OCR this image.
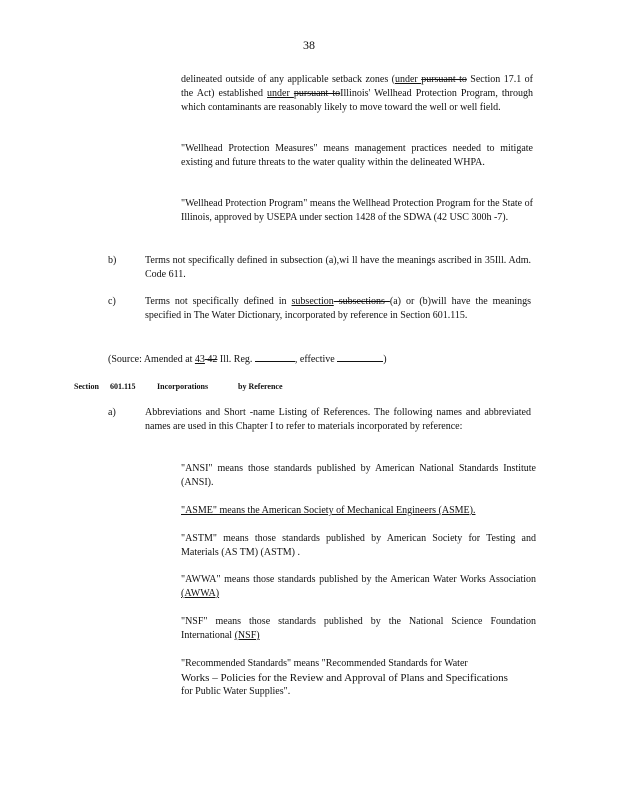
38
delineated outside of any applicable setback zones (under pursuant to Section 17.1 of the Act) established under pursuant toIllinois' Wellhead Protection Program, through which contaminants are reasonably likely to move toward the well or well field.
"Wellhead Protection Measures" means management practices needed to mitigate existing and future threats to the water quality within the delineated WHPA.
"Wellhead Protection Program" means the Wellhead Protection Program for the State of Illinois, approved by USEPA under section 1428 of the SDWA (42 USC 300h -7).
b)	Terms not specifically defined in subsection (a),wi ll have the meanings ascribed in 35Ill. Adm. Code 611.
c)	Terms not specifically defined in subsection subsections (a) or (b)will have the meanings specified in The Water Dictionary, incorporated by reference in Section 601.115.
(Source: Amended at 43 42 Ill. Reg.	, effective	)
Section 601.115	Incorporations	by Reference
a)	Abbreviations and Short -name Listing of References. The following names and abbreviated names are used in this Chapter I to refer to materials incorporated by reference:
"ANSI" means those standards published by American National Standards Institute (ANSI).
"ASME" means the American Society of Mechanical Engineers (ASME).
"ASTM" means those standards published by American Society for Testing and Materials (AS TM) (ASTM) .
"AWWA" means those standards published by the American Water Works Association (AWWA)
"NSF" means those standards published by the National Science Foundation International (NSF)
"Recommended Standards" means "Recommended Standards for Water
Works – Policies for the Review and Approval of Plans and Specifications
for Public Water Supplies".
